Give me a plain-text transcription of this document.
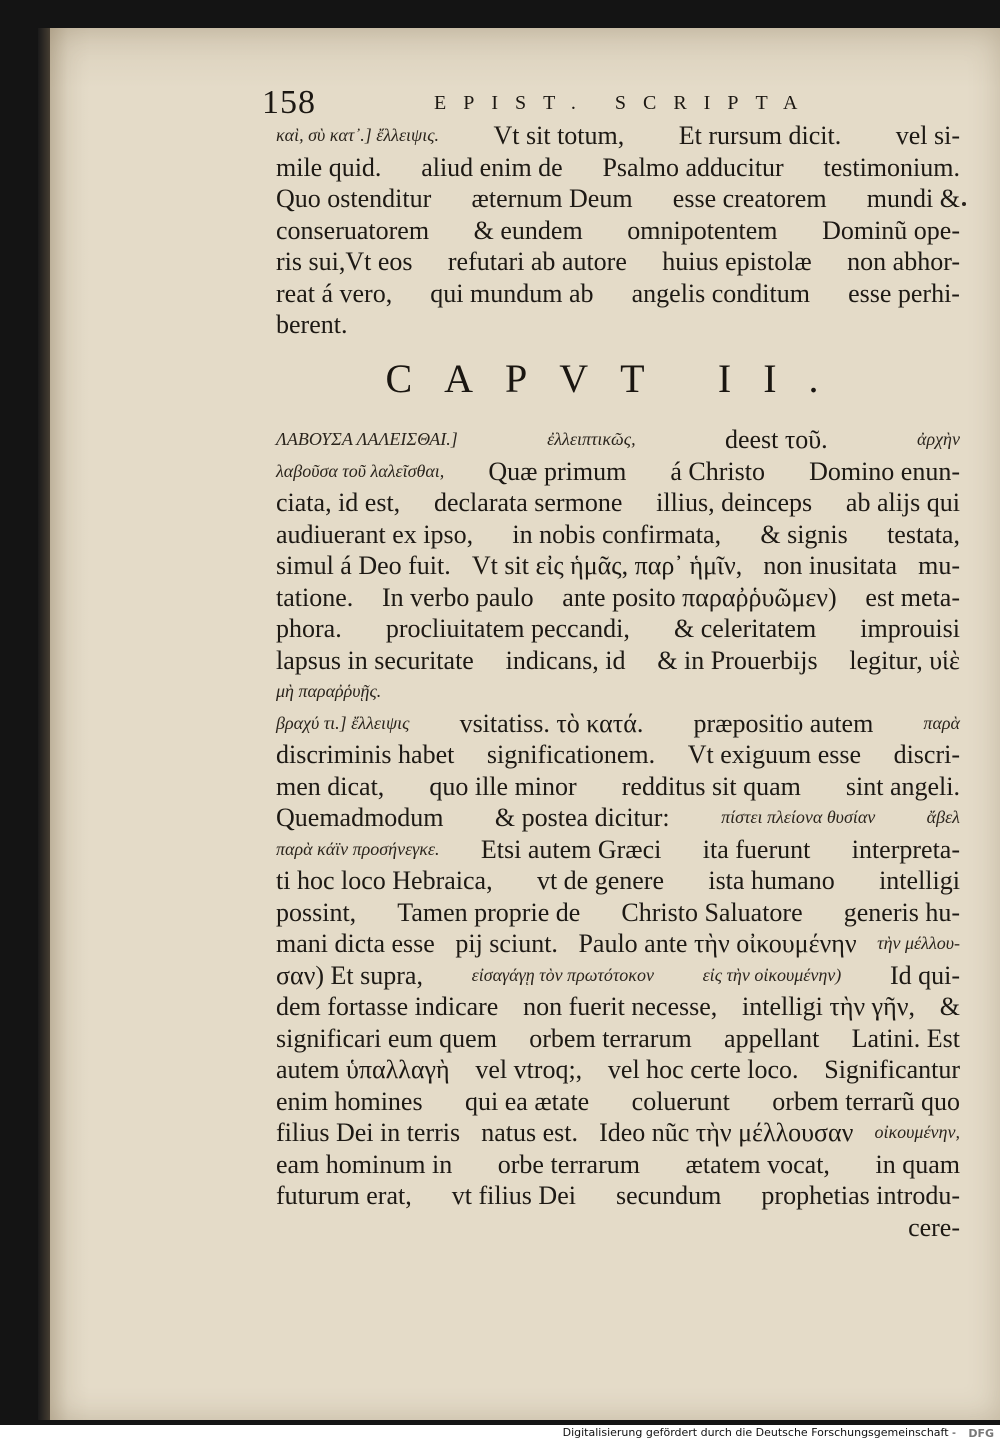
158	EPIST. SCRIPTA
καὶ, σὺ κατ᾽.] ἔλλειψις. Vt sit totum, Et rursum dicit. vel si-
mile quid. aliud enim de Psalmo adducitur testimonium.
Quo ostenditur æternum Deum esse creatorem mundi &
conseruatorem & eundem omnipotentem Dominũ ope-
ris sui,Vt eos refutari ab autore huius epistolæ non abhor-
reat á vero, qui mundum ab angelis conditum esse perhi-
berent.
CAPVT II.
ΛΑΒΟΥΣΑ ΛΑΛΕΙΣΘΑΙ.]	ἐλλειπτικῶς,	deest τοῦ.	ἀρχὴν
λαβοῦσα τοῦ λαλεῖσθαι, Quæ primum á Christo Domino enun-
ciata, id est, declarata sermone illius, deinceps ab alijs qui
audiuerant ex ipso, in nobis confirmata, & signis testata,
simul á Deo fuit. Vt sit εἰς ἡμᾶς, παρ᾽ ἡμῖν, non inusitata mu-
tatione. In verbo paulo ante posito παραῤῥυῶμεν) est meta-
phora. procliuitatem peccandi, & celeritatem improuisi
lapsus in securitate indicans, id & in Prouerbijs legitur, υἱὲ
μὴ παραῤῥυῇς.
βραχύ τι.] ἔλλειψις vsitatiss. τὸ κατά. præpositio autem	παρὰ
discriminis habet significationem. Vt exiguum esse discri-
men dicat, quo ille minor redditus sit quam sint angeli.
Quemadmodum & postea dicitur:	πίστει πλείονα θυσίαν	ἄβελ
παρὰ κάϊν προσήνεγκε. Etsi autem Græci ita fuerunt interpreta-
ti hoc loco Hebraica, vt de genere ista humano intelligi
possint, Tamen proprie de Christo Saluatore generis hu-
mani dicta esse pij sciunt. Paulo ante τὴν οἰκουμένην τὴν μέλλου-
σαν) Et supra,	εἰσαγάγῃ τὸν πρωτότοκον	εἰς τὴν οἰκουμένην) Id qui-
dem fortasse indicare non fuerit necesse, intelligi τὴν γῆν, &
significari eum quem orbem terrarum appellant Latini. Est
autem ὑπαλλαγὴ vel vtroq;, vel hoc certe loco. Significantur
enim homines qui ea ætate coluerunt orbem terrarũ quo
filius Dei in terris natus est. Ideo nũc τὴν μέλλουσαν οἰκουμένην,
eam hominum in orbe terrarum ætatem vocat, in quam
futurum erat, vt filius Dei secundum prophetias introdu-
cere-
Digitalisierung gefördert durch die Deutsche Forschungsgemeinschaft - DFG
